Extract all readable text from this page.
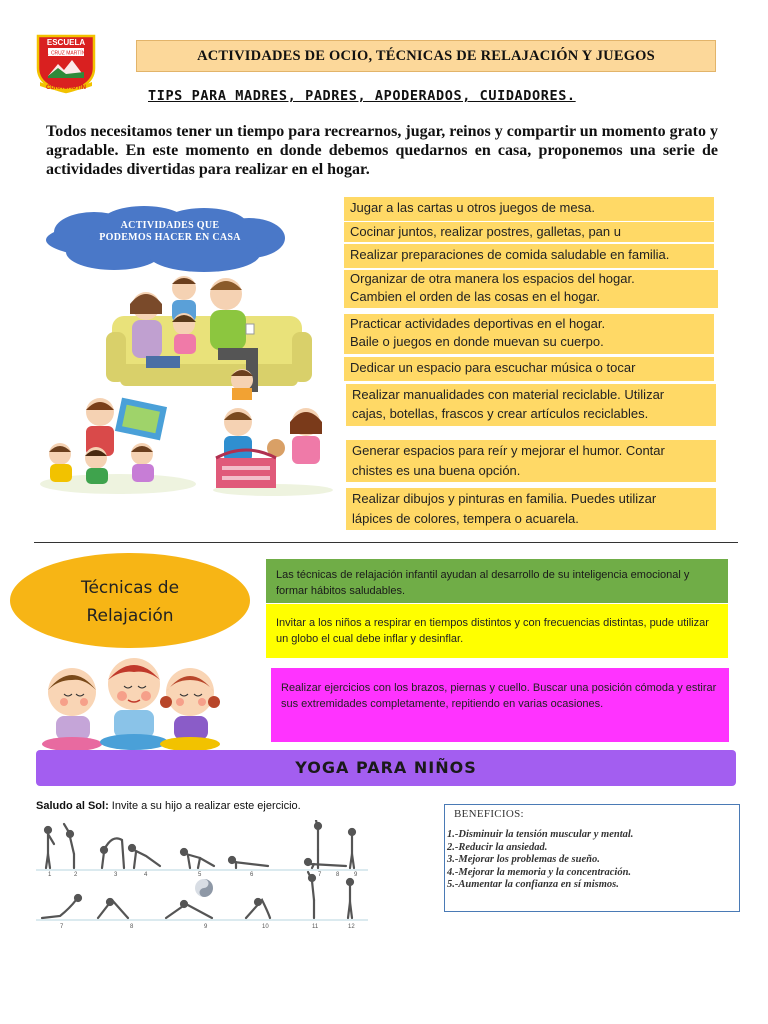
ESCUELA
Lyn. CRUZ MARTÍNEZ
CURACAUTIN
ACTIVIDADES DE OCIO, TÉCNICAS DE RELAJACIÓN Y JUEGOS
TIPS PARA MADRES, PADRES, APODERADOS, CUIDADORES.
Todos necesitamos tener un tiempo para recrearnos, jugar, reinos y compartir un momento grato y agradable. En este momento en donde debemos quedarnos en casa, proponemos una serie de actividades divertidas para realizar en el hogar.
ACTIVIDADES QUE
PODEMOS HACER EN CASA
Jugar a las cartas u otros juegos de mesa.
Cocinar juntos, realizar postres, galletas, pan u
Realizar preparaciones de comida saludable en familia.
Organizar de otra manera los espacios del hogar.
Cambien el orden de las cosas en el hogar.
Practicar actividades deportivas en el hogar.
Baile o juegos en donde muevan su cuerpo.
Dedicar un espacio para escuchar música o tocar
Realizar manualidades con material reciclable. Utilizar
cajas, botellas, frascos y crear artículos reciclables.
Generar espacios para reír y mejorar el humor. Contar
chistes es una buena opción.
Realizar dibujos y pinturas en familia. Puedes utilizar
lápices de colores, tempera o acuarela.
Técnicas de
Relajación
Las técnicas de relajación infantil ayudan al desarrollo de su inteligencia emocional y formar hábitos saludables.
Invitar a los niños a respirar en tiempos distintos y con frecuencias distintas, pude utilizar un globo el cual debe inflar y desinflar.
Realizar ejercicios con los brazos, piernas y cuello. Buscar una posición cómoda y estirar sus extremidades completamente, repitiendo en varias ocasiones.
YOGA PARA NIÑOS
Saludo al Sol: Invite a su hijo a realizar este ejercicio.
1	2	3	4	5	6	7 8 9
7	8	9	10	11	12
BENEFICIOS:
1.-Disminuir la tensión muscular y mental.
2.-Reducir la ansiedad.
3.-Mejorar los problemas de sueño.
4.-Mejorar la memoria y la concentración.
5.-Aumentar la confianza en sí mismos.
